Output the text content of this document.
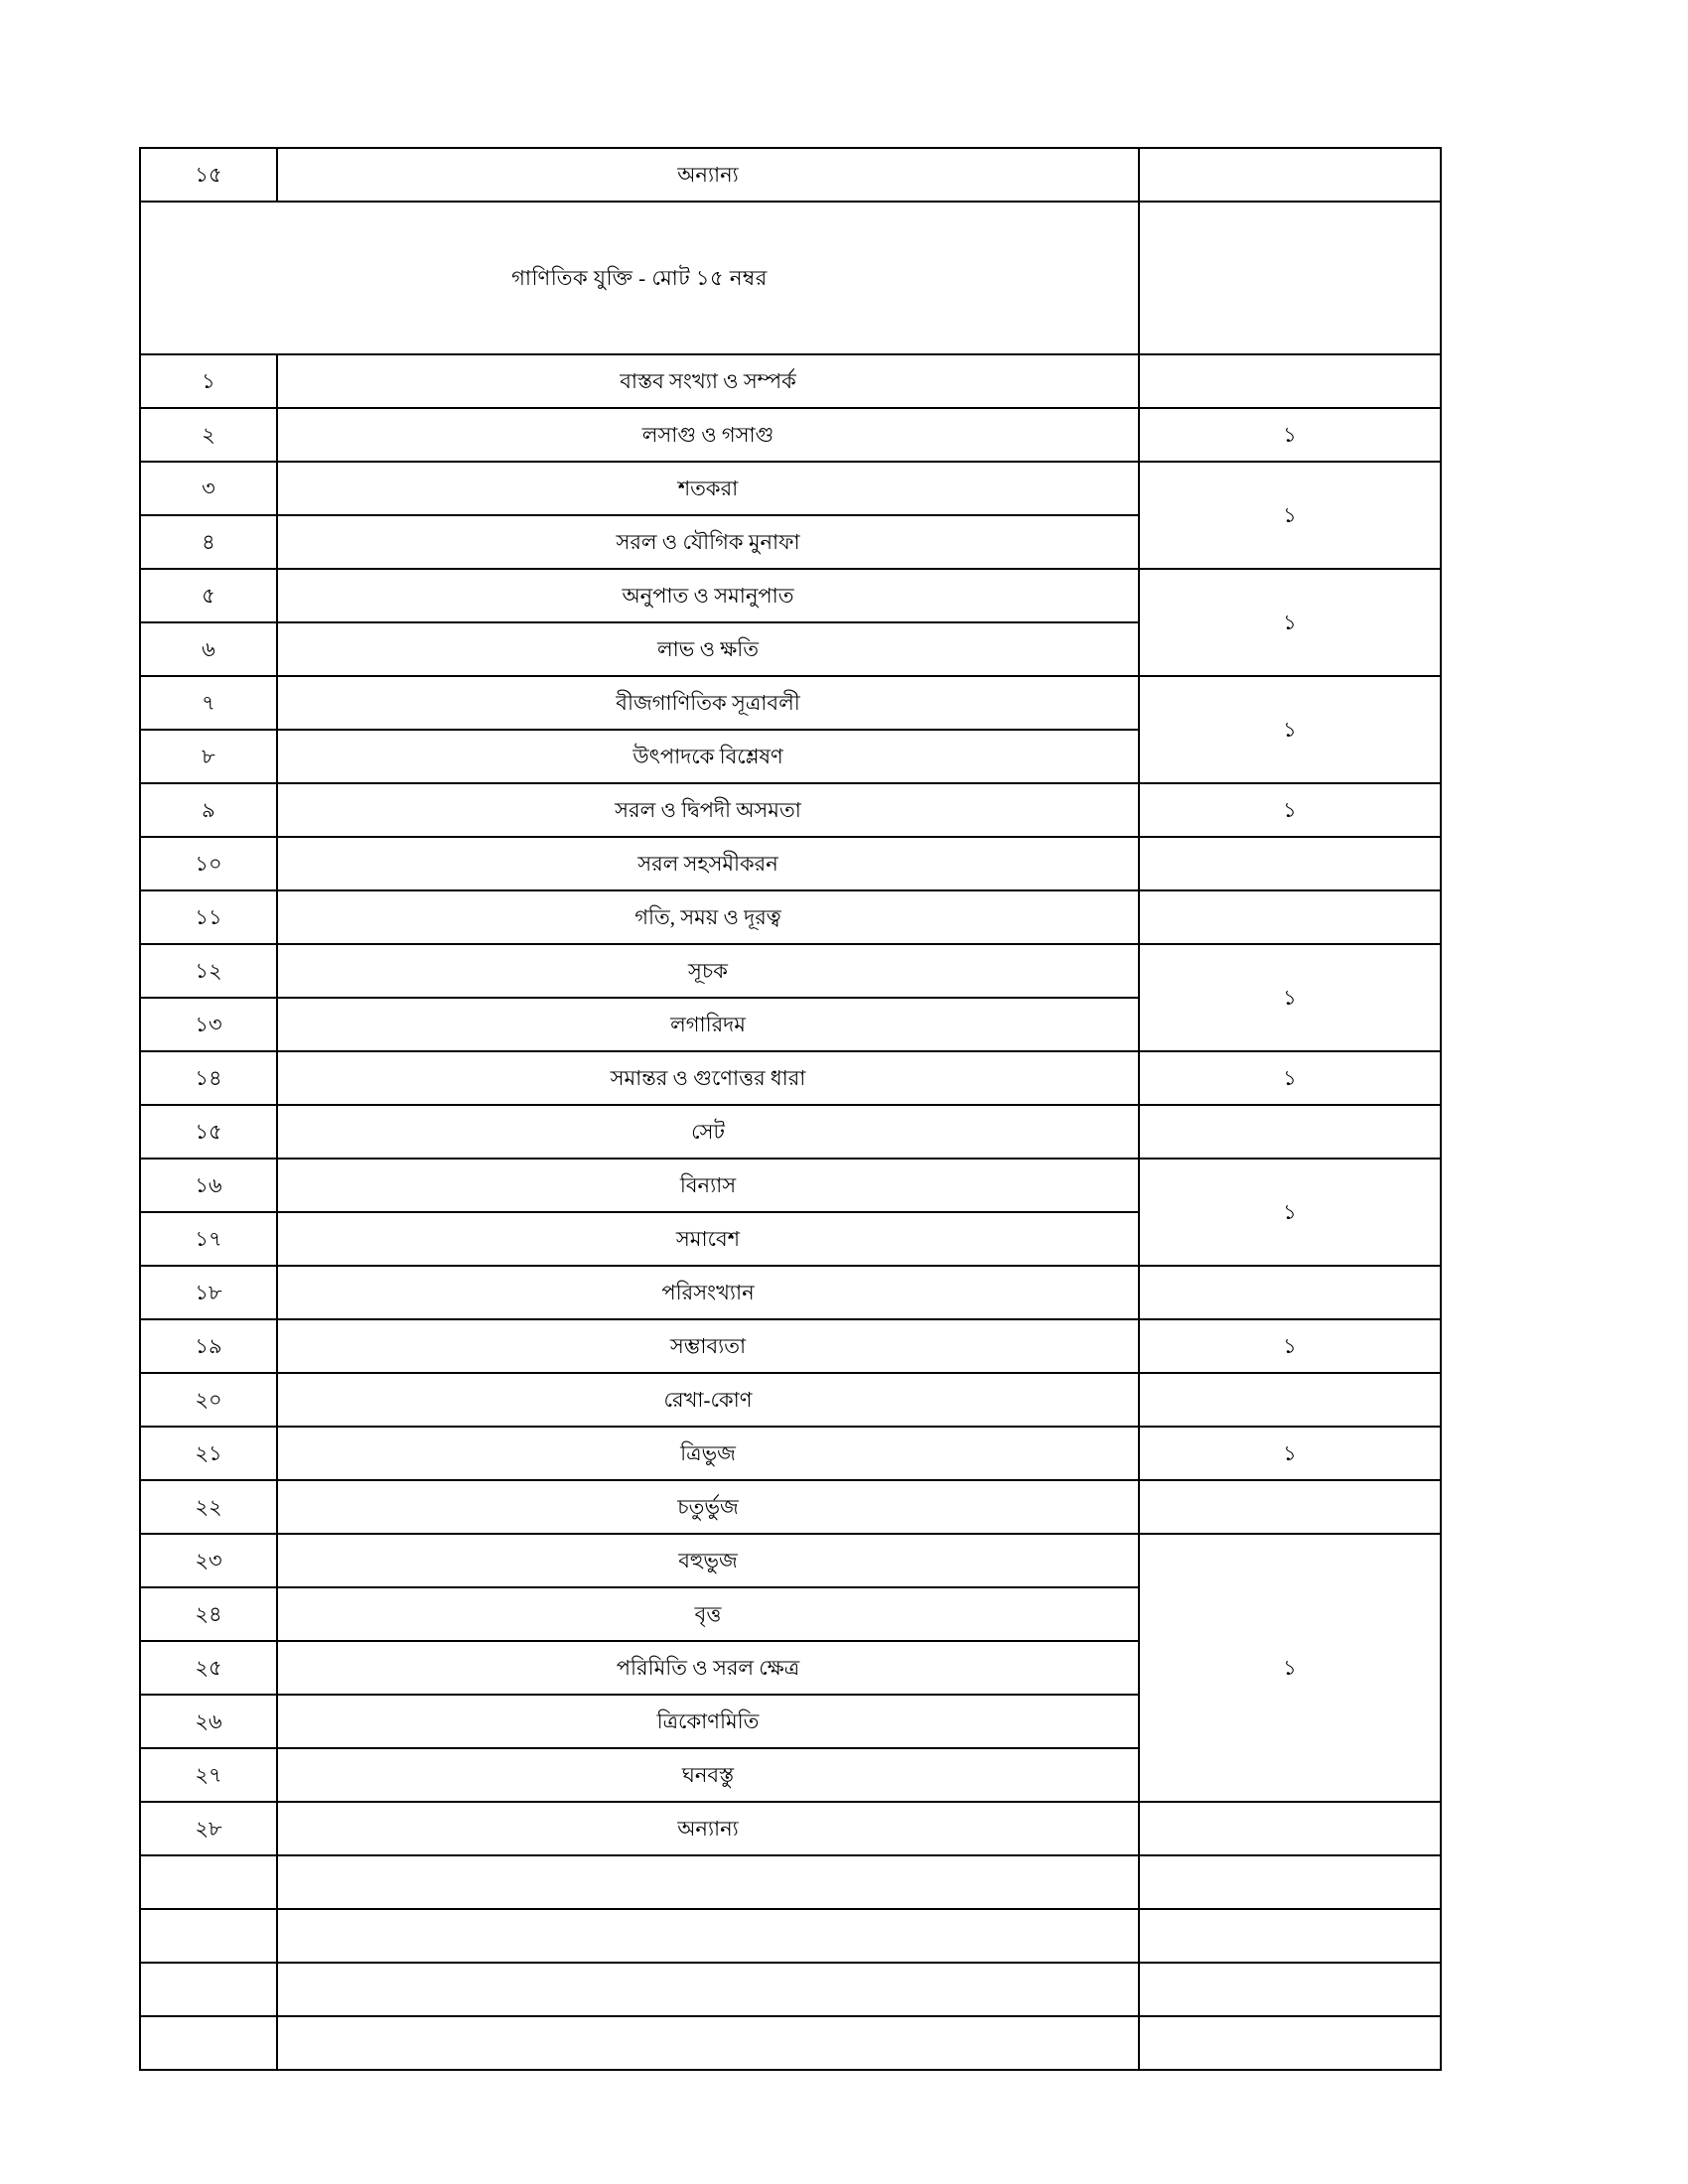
১৫	অন্যান্য	

গাণিতিক যুক্তি - মোট ১৫ নম্বর		

১	বাস্তব সংখ্যা ও সম্পর্ক	

২	লসাগু ও গসাগু	১

৩	শতকরা	১

৪	সরল ও যৌগিক মুনাফা	

৫	অনুপাত ও সমানুপাত	১

৬	লাভ ও ক্ষতি	

৭	বীজগাণিতিক সূত্রাবলী	১

৮	উৎপাদকে বিশ্লেষণ	

৯	সরল ও দ্বিপদী অসমতা	১

১০	সরল সহসমীকরন	

১১	গতি, সময় ও দূরত্ব	

১২	সূচক	১

১৩	লগারিদম	

১৪	সমান্তর ও গুণোত্তর ধারা	১

১৫	সেট	

১৬	বিন্যাস	১

১৭	সমাবেশ	

১৮	পরিসংখ্যান	

১৯	সম্ভাব্যতা	১

২০	রেখা-কোণ	

২১	ত্রিভুজ	১

২২	চতুর্ভুজ	

২৩	বহুভুজ	১

২৪	বৃত্ত	

২৫	পরিমিতি ও সরল ক্ষেত্র	

২৬	ত্রিকোণমিতি	

২৭	ঘনবস্তু	

২৮	অন্যান্য	
